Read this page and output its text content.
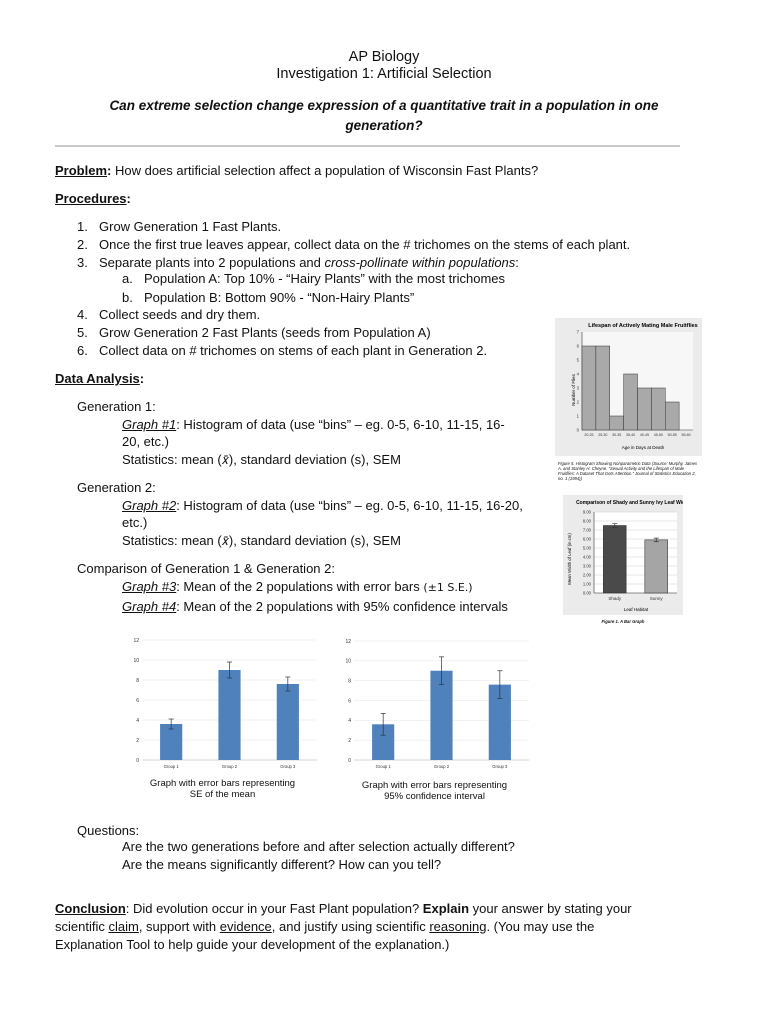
AP Biology
Investigation 1: Artificial Selection
Can extreme selection change expression of a quantitative trait in a population in one
generation?
Problem: How does artificial selection affect a population of Wisconsin Fast Plants?
Procedures:
1. Grow Generation 1 Fast Plants.
2. Once the first true leaves appear, collect data on the # trichomes on the stems of each plant.
3. Separate plants into 2 populations and cross-pollinate within populations:
a. Population A: Top 10% - “Hairy Plants” with the most trichomes
b. Population B: Bottom 90% - “Non-Hairy Plants”
4. Collect seeds and dry them.
5. Grow Generation 2 Fast Plants (seeds from Population A)
6. Collect data on # trichomes on stems of each plant in Generation 2.
Data Analysis:
Generation 1:
Graph #1: Histogram of data (use “bins” – eg. 0-5, 6-10, 11-15, 16-
20, etc.)
Statistics: mean (𝑥̄), standard deviation (s), SEM
Generation 2:
Graph #2: Histogram of data (use “bins” – eg. 0-5, 6-10, 11-15, 16-20,
etc.)
Statistics: mean (𝑥̄), standard deviation (s), SEM
Comparison of Generation 1 & Generation 2:
Graph #3: Mean of the 2 populations with error bars (±1 S.E.)
Graph #4: Mean of the 2 populations with 95% confidence intervals
Lifespan of Actively Mating Male Fruitflies
Age in Days at Death
Number of Flies
0
1
2
3
4
5
6
7
20-25 25-30 30-35 35-40 40-45 45-50 50-55 55-60
Figure 5. Histogram Showing Nonparametric Data (Source: Murphy, James A. and Stanley H. Cheyne. “Sexual Activity and the Lifespan of Male Fruitflies: A Dataset That Gets Attention.” Journal of Statistics Education 2, no. 1 (1994))
Comparison of Shady and Sunny Ivy Leaf Width
Leaf Habitat
Mean Width of Leaf (in cm)
0.00
1.00
2.00
3.00
4.00
5.00
6.00
7.00
8.00
9.00
Shady	Sunny
Figure 1. A Bar Graph
0
2
4
6
8
10
12
Group 1	Group 2	Group 3
Graph with error bars representing
SE of the mean
0
2
4
6
8
10
12
Group 1	Group 2	Group 3
Graph with error bars representing
95% confidence interval
Questions:
Are the two generations before and after selection actually different?
Are the means significantly different? How can you tell?
Conclusion: Did evolution occur in your Fast Plant population? Explain your answer by stating your
scientific claim, support with evidence, and justify using scientific reasoning. (You may use the
Explanation Tool to help guide your development of the explanation.)
